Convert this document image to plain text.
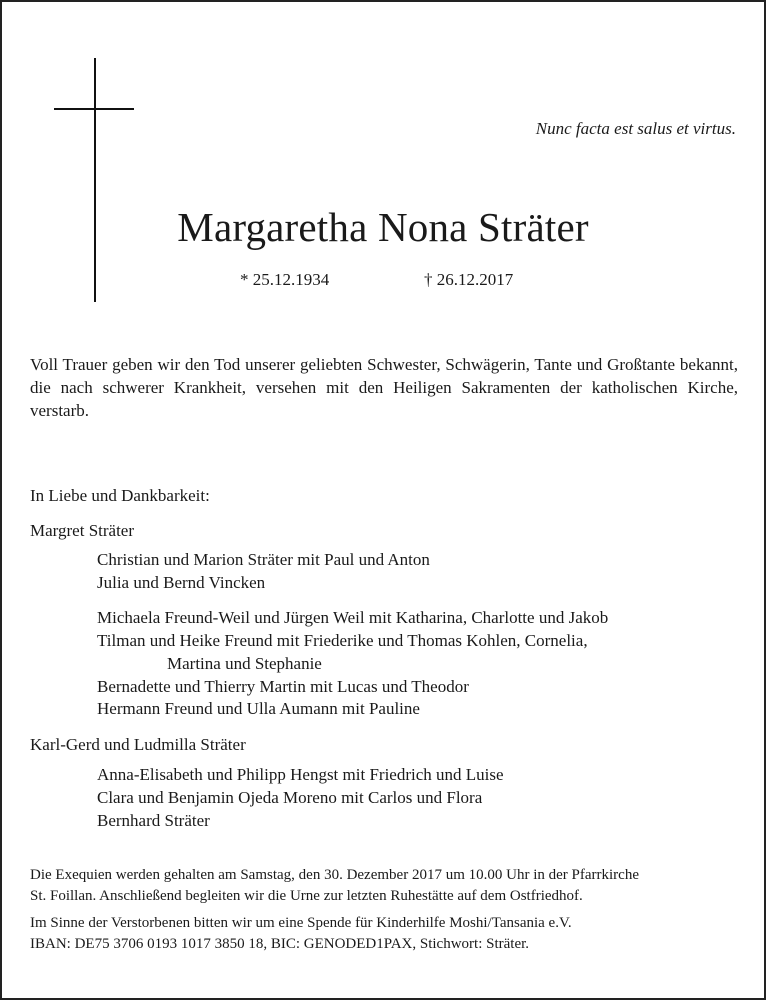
Nunc facta est salus et virtus.
Margaretha Nona Sträter
* 25.12.1934	† 26.12.2017
Voll Trauer geben wir den Tod unserer geliebten Schwester, Schwägerin, Tante und Großtante bekannt, die nach schwerer Krankheit, versehen mit den Heiligen Sakramenten der katholischen Kirche, verstarb.
In Liebe und Dankbarkeit:
Margret Sträter
Christian und Marion Sträter mit Paul und Anton
Julia und Bernd Vincken
Michaela Freund-Weil und Jürgen Weil mit Katharina, Charlotte und Jakob
Tilman und Heike Freund mit Friederike und Thomas Kohlen, Cornelia,
Martina und Stephanie
Bernadette und Thierry Martin mit Lucas und Theodor
Hermann Freund und Ulla Aumann mit Pauline
Karl-Gerd und Ludmilla Sträter
Anna-Elisabeth und Philipp Hengst mit Friedrich und Luise
Clara und Benjamin Ojeda Moreno mit Carlos und Flora
Bernhard Sträter
Die Exequien werden gehalten am Samstag, den 30. Dezember 2017 um 10.00 Uhr in der Pfarrkirche
St. Foillan. Anschließend begleiten wir die Urne zur letzten Ruhestätte auf dem Ostfriedhof.
Im Sinne der Verstorbenen bitten wir um eine Spende für Kinderhilfe Moshi/Tansania e.V.
IBAN: DE75 3706 0193 1017 3850 18, BIC: GENODED1PAX, Stichwort: Sträter.
